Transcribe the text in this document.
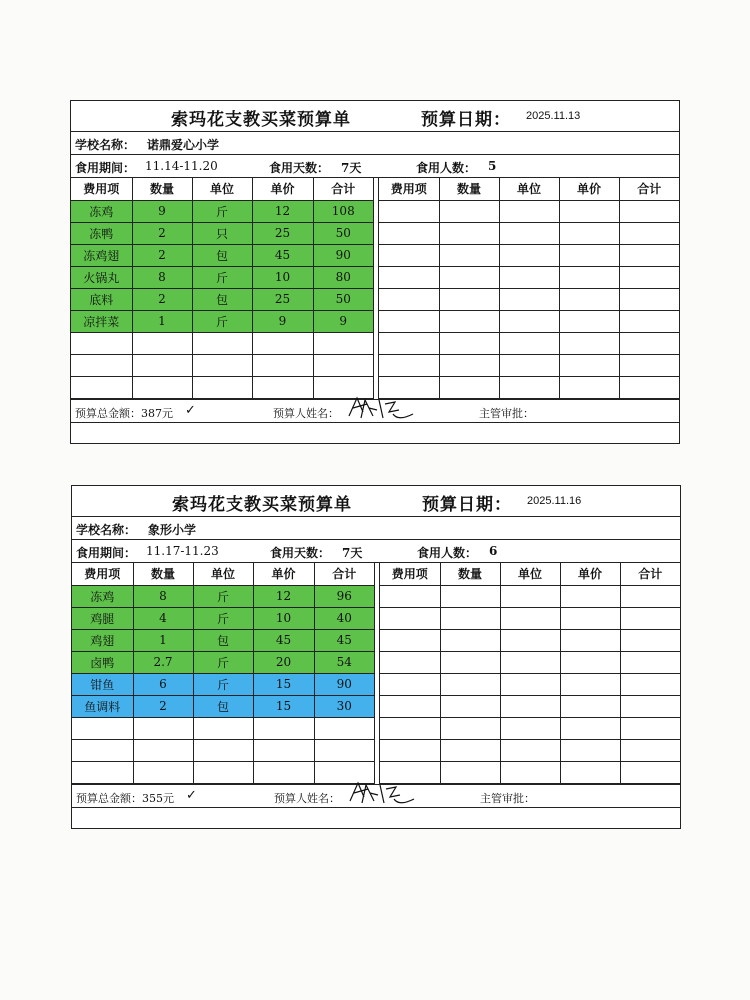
索玛花支教买菜预算单	预算日期： 2025.11.13
学校名称： 诺鼎爱心小学
食用期间： 11.14-11.20	食用天数： 7天	食用人数： 5
费用项	数量	单位	单价	合计
冻鸡	9	斤	12	108
冻鸭	2	只	25	50
冻鸡翅	2	包	45	90
火锅丸	8	斤	10	80
底料	2	包	25	50
凉拌菜	1	斤	9	9

费用项	数量	单位	单价	合计

预算总金额： 387元 ✓	预算人姓名：	主管审批：
索玛花支教买菜预算单	预算日期： 2025.11.16
学校名称： 象形小学
食用期间： 11.17-11.23	食用天数： 7天	食用人数： 6
费用项	数量	单位	单价	合计
冻鸡	8	斤	12	96
鸡腿	4	斤	10	40
鸡翅	1	包	45	45
卤鸭	2.7	斤	20	54
钳鱼	6	斤	15	90
鱼调料	2	包	15	30

费用项	数量	单位	单价	合计

预算总金额： 355元 ✓	预算人姓名：	主管审批：
